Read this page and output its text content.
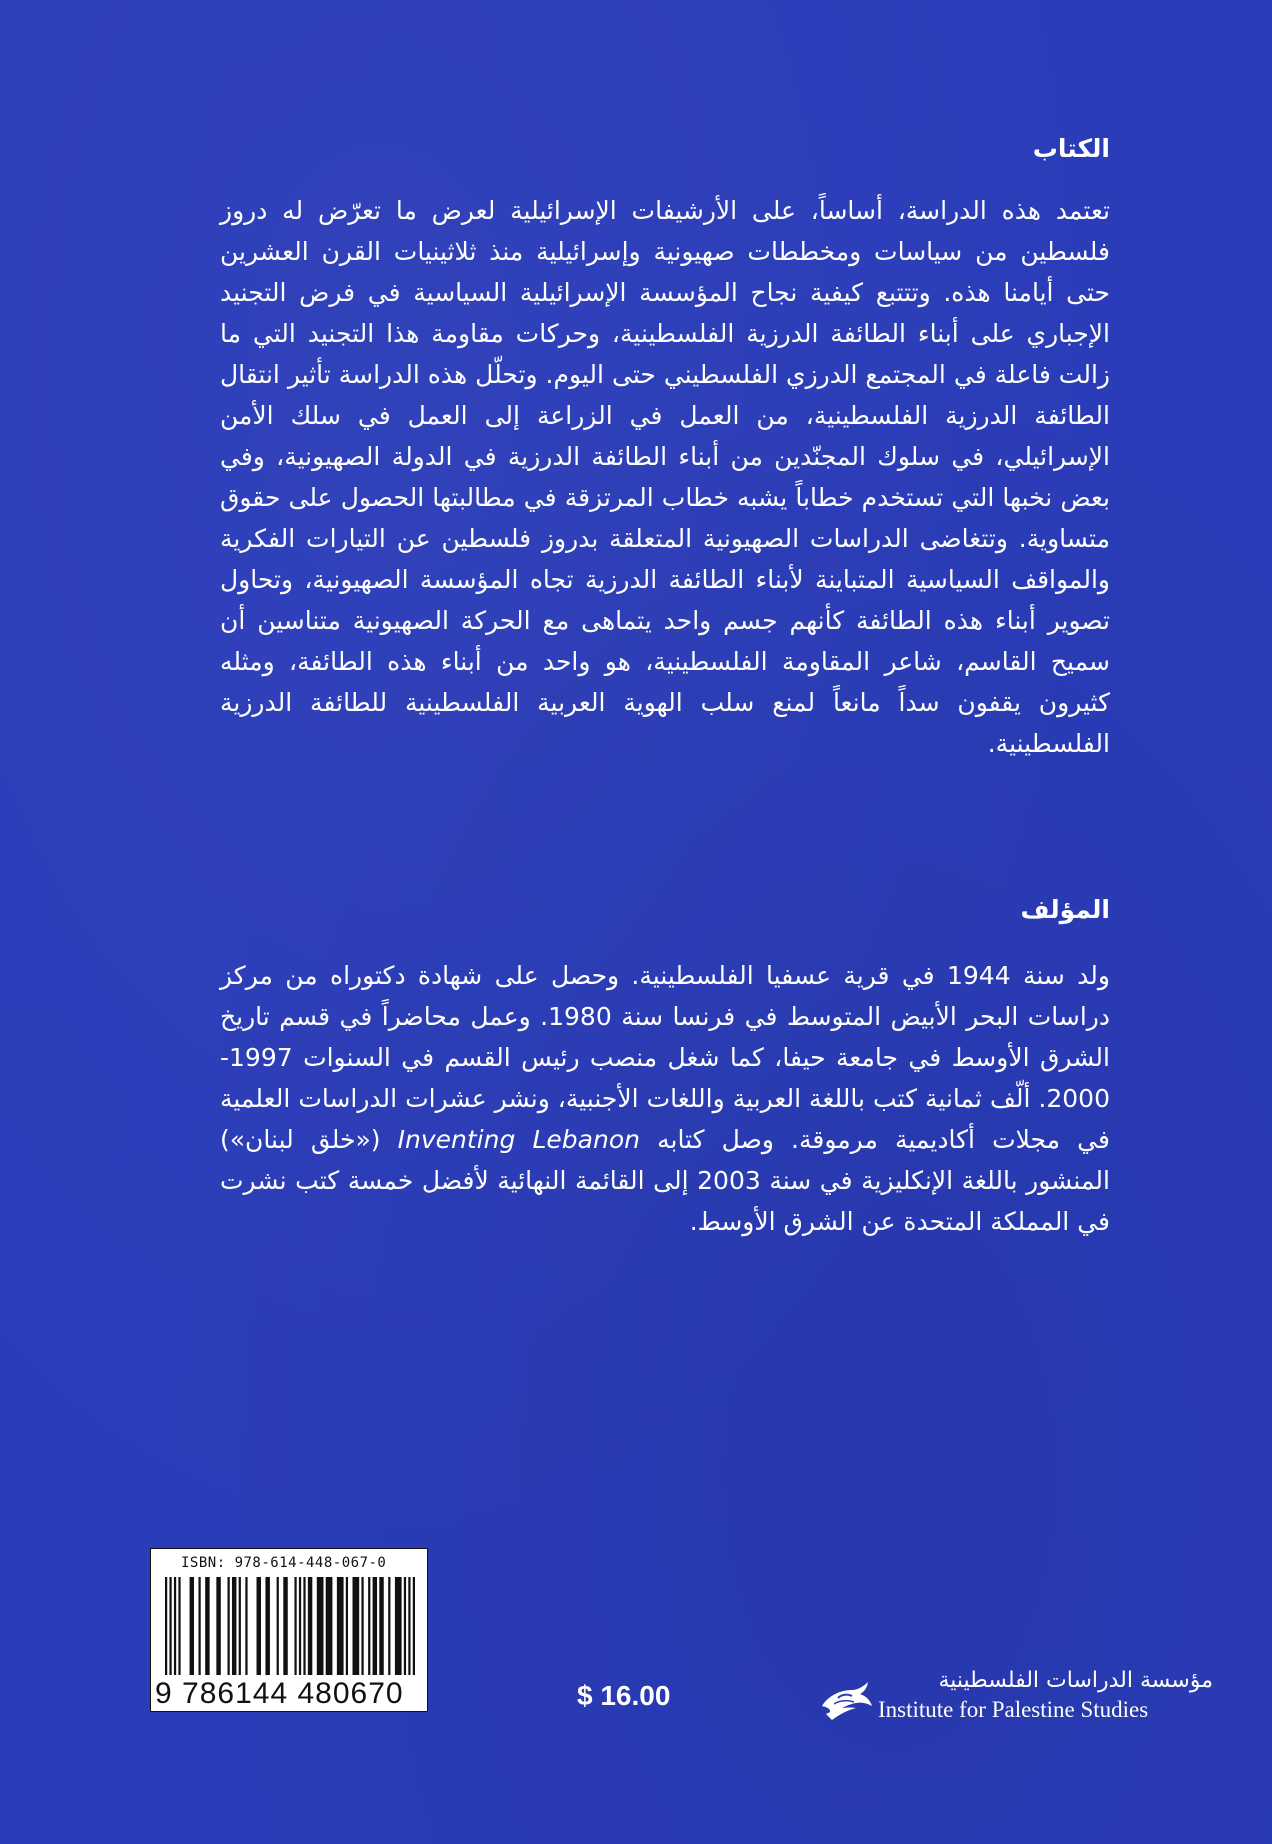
الكتاب

تعتمد هذه الدراسة، أساساً، على الأرشيفات الإسرائيلية لعرض ما تعرّض له دروز فلسطين من سياسات ومخططات صهيونية وإسرائيلية منذ ثلاثينيات القرن العشرين حتى أيامنا هذه. وتتتبع كيفية نجاح المؤسسة الإسرائيلية السياسية في فرض التجنيد الإجباري على أبناء الطائفة الدرزية الفلسطينية، وحركات مقاومة هذا التجنيد التي ما زالت فاعلة في المجتمع الدرزي الفلسطيني حتى اليوم. وتحلّل هذه الدراسة تأثير انتقال الطائفة الدرزية الفلسطينية، من العمل في الزراعة إلى العمل في سلك الأمن الإسرائيلي، في سلوك المجنّدين من أبناء الطائفة الدرزية في الدولة الصهيونية، وفي بعض نخبها التي تستخدم خطاباً يشبه خطاب المرتزقة في مطالبتها الحصول على حقوق متساوية. وتتغاضى الدراسات الصهيونية المتعلقة بدروز فلسطين عن التيارات الفكرية والمواقف السياسية المتباينة لأبناء الطائفة الدرزية تجاه المؤسسة الصهيونية، وتحاول تصوير أبناء هذه الطائفة كأنهم جسم واحد يتماهى مع الحركة الصهيونية متناسين أن سميح القاسم، شاعر المقاومة الفلسطينية، هو واحد من أبناء هذه الطائفة، ومثله كثيرون يقفون سداً مانعاً لمنع سلب الهوية العربية الفلسطينية للطائفة الدرزية الفلسطينية.

المؤلف

ولد سنة 1944 في قرية عسفيا الفلسطينية. وحصل على شهادة دكتوراه من مركز دراسات البحر الأبيض المتوسط في فرنسا سنة 1980. وعمل محاضراً في قسم تاريخ الشرق الأوسط في جامعة حيفا، كما شغل منصب رئيس القسم في السنوات 1997-2000. ألّف ثمانية كتب باللغة العربية واللغات الأجنبية، ونشر عشرات الدراسات العلمية في مجلات أكاديمية مرموقة. وصل كتابه Inventing Lebanon («خلق لبنان») المنشور باللغة الإنكليزية في سنة 2003 إلى القائمة النهائية لأفضل خمسة كتب نشرت في المملكة المتحدة عن الشرق الأوسط.

ISBN: 978-614-448-067-0
9 786144 480670	$ 16.00	مؤسسة الدراسات الفلسطينية
Institute for Palestine Studies
